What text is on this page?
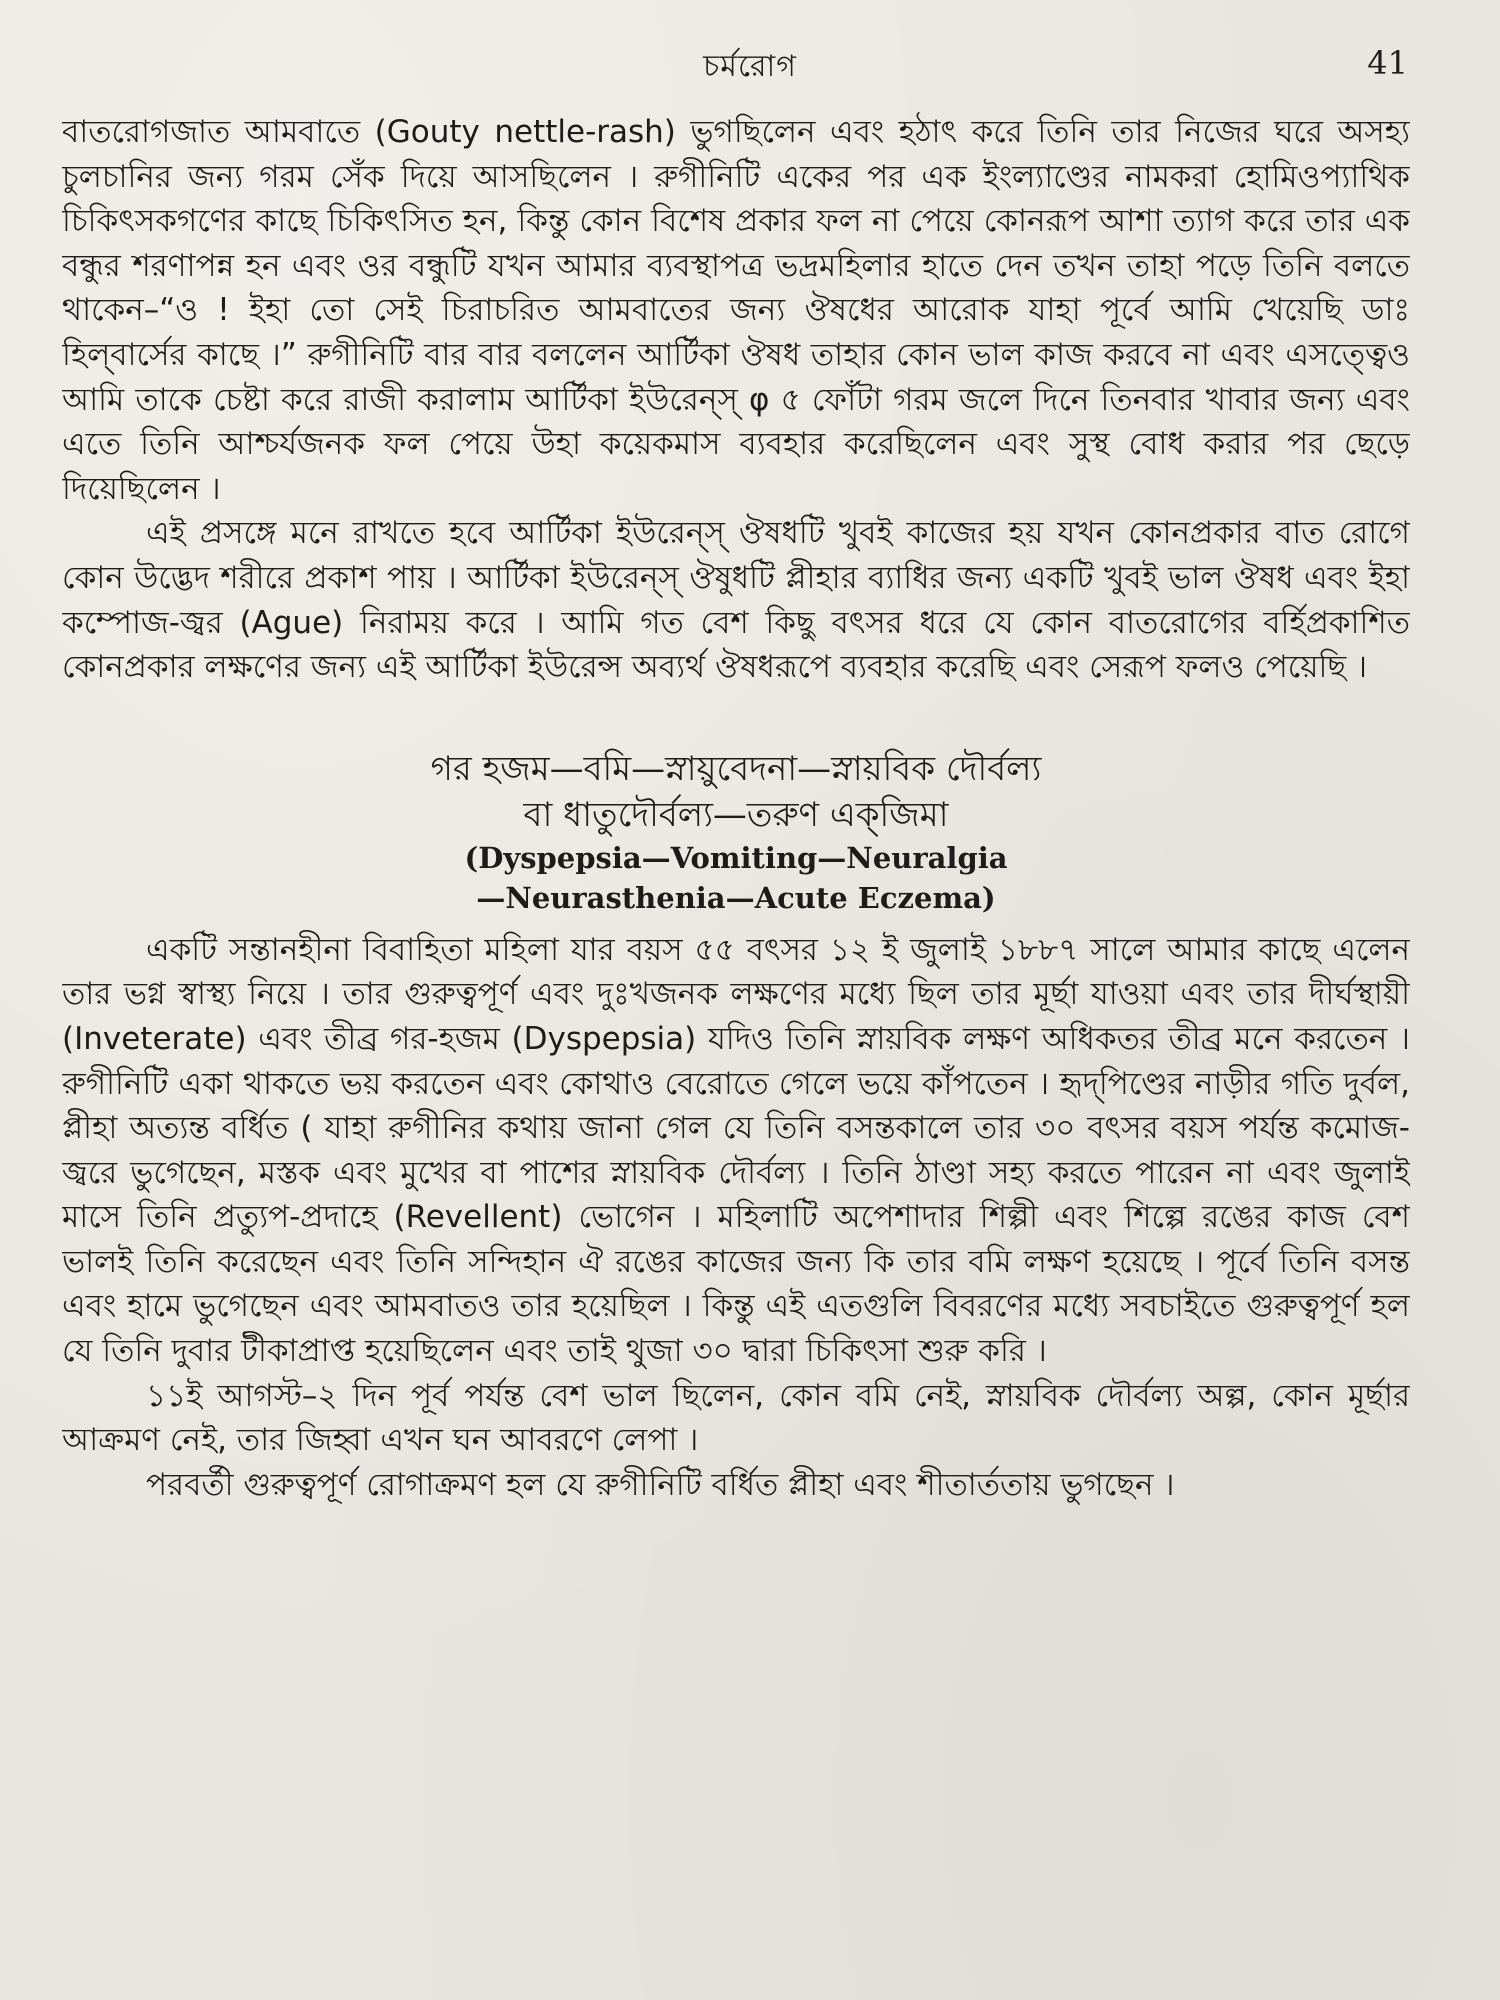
চর্মরোগ	41

বাতরোগজাত আমবাতে (Gouty nettle-rash) ভুগছিলেন এবং হঠাৎ করে তিনি তার নিজের ঘরে অসহ্য চুলচানির জন্য গরম সেঁক দিয়ে আসছিলেন । রুগীনিটি একের পর এক ইংল্যাণ্ডের নামকরা হোমিওপ্যাথিক চিকিৎসকগণের কাছে চিকিৎসিত হন, কিন্তু কোন বিশেষ প্রকার ফল না পেয়ে কোনরূপ আশা ত্যাগ করে তার এক বন্ধুর শরণাপন্ন হন এবং ওর বন্ধুটি যখন আমার ব্যবস্থাপত্র ভদ্রমহিলার হাতে দেন তখন তাহা পড়ে তিনি বলতে থাকেন–“ও ! ইহা তো সেই চিরাচরিত আমবাতের জন্য ঔষধের আরোক যাহা পূর্বে আমি খেয়েছি ডাঃ হিল্‌বার্সের কাছে ।” রুগীনিটি বার বার বললেন আর্টিকা ঔষধ তাহার কোন ভাল কাজ করবে না এবং এসত্ত্বেও আমি তাকে চেষ্টা করে রাজী করালাম আর্টিকা ইউরেন্স্‌ φ ৫ ফোঁটা গরম জলে দিনে তিনবার খাবার জন্য এবং এতে তিনি আশ্চর্যজনক ফল পেয়ে উহা কয়েকমাস ব্যবহার করেছিলেন এবং সুস্থ বোধ করার পর ছেড়ে দিয়েছিলেন ।

এই প্রসঙ্গে মনে রাখতে হবে আর্টিকা ইউরেন্স্‌ ঔষধটি খুবই কাজের হয় যখন কোনপ্রকার বাত রোগে কোন উদ্ভেদ শরীরে প্রকাশ পায় । আর্টিকা ইউরেন্স্‌ ঔষুধটি প্লীহার ব্যাধির জন্য একটি খুবই ভাল ঔষধ এবং ইহা কম্পোজ-জ্বর (Ague) নিরাময় করে । আমি গত বেশ কিছু বৎসর ধরে যে কোন বাতরোগের বর্হিপ্রকাশিত কোনপ্রকার লক্ষণের জন্য এই আর্টিকা ইউরেন্স অব্যর্থ ঔষধরূপে ব্যবহার করেছি এবং সেরূপ ফলও পেয়েছি ।

গর হজম—বমি—স্নায়ুবেদনা—স্নায়বিক দৌর্বল্য
বা ধাতুদৌর্বল্য—তরুণ এক্‌জিমা
(Dyspepsia—Vomiting—Neuralgia
—Neurasthenia—Acute Eczema)

একটি সন্তানহীনা বিবাহিতা মহিলা যার বয়স ৫৫ বৎসর ১২ ই জুলাই ১৮৮৭ সালে আমার কাছে এলেন তার ভগ্ন স্বাস্থ্য নিয়ে । তার গুরুত্বপূর্ণ এবং দুঃখজনক লক্ষণের মধ্যে ছিল তার মূর্ছা যাওয়া এবং তার দীর্ঘস্থায়ী (Inveterate) এবং তীব্র গর-হজম (Dyspepsia) যদিও তিনি স্নায়বিক লক্ষণ অধিকতর তীব্র মনে করতেন । রুগীনিটি একা থাকতে ভয় করতেন এবং কোথাও বেরোতে গেলে ভয়ে কাঁপতেন । হৃদ্‌পিণ্ডের নাড়ীর গতি দুর্বল, প্লীহা অত্যন্ত বর্ধিত ( যাহা রুগীনির কথায় জানা গেল যে তিনি বসন্তকালে তার ৩০ বৎসর বয়স পর্যন্ত কমোজ-জ্বরে ভুগেছেন, মস্তক এবং মুখের বা পাশের স্নায়বিক দৌর্বল্য । তিনি ঠাণ্ডা সহ্য করতে পারেন না এবং জুলাই মাসে তিনি প্রত্যুপ-প্রদাহে (Revellent) ভোগেন । মহিলাটি অপেশাদার শিল্পী এবং শিল্পে রঙের কাজ বেশ ভালই তিনি করেছেন এবং তিনি সন্দিহান ঐ রঙের কাজের জন্য কি তার বমি লক্ষণ হয়েছে । পূর্বে তিনি বসন্ত এবং হামে ভুগেছেন এবং আমবাতও তার হয়েছিল । কিন্তু এই এতগুলি বিবরণের মধ্যে সবচাইতে গুরুত্বপূর্ণ হল যে তিনি দুবার টীকাপ্রাপ্ত হয়েছিলেন এবং তাই থুজা ৩০ দ্বারা চিকিৎসা শুরু করি ।

১১ই আগস্ট–২ দিন পূর্ব পর্যন্ত বেশ ভাল ছিলেন, কোন বমি নেই, স্নায়বিক দৌর্বল্য অল্প, কোন মূর্ছার আক্রমণ নেই, তার জিহ্বা এখন ঘন আবরণে লেপা ।

পরবর্তী গুরুত্বপূর্ণ রোগাক্রমণ হল যে রুগীনিটি বর্ধিত প্লীহা এবং শীতার্ততায় ভুগছেন ।
